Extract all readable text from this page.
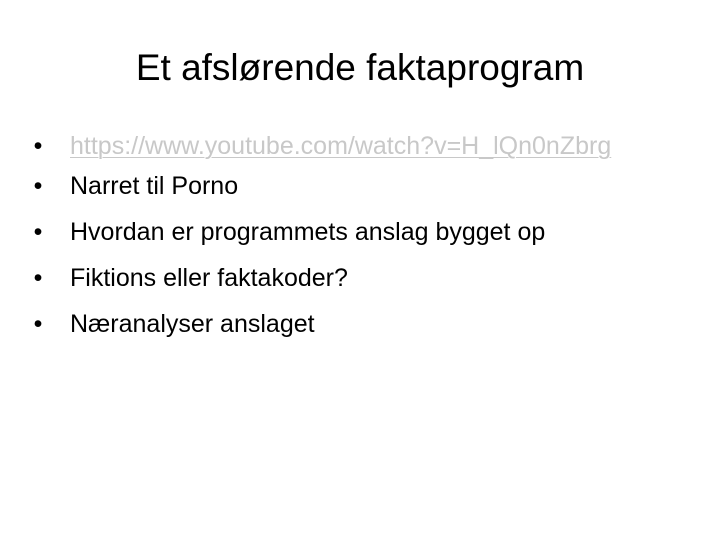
Et afslørende faktaprogram
• https://www.youtube.com/watch?v=H_lQn0nZbrg
• Narret til Porno
• Hvordan er programmets anslag bygget op
• Fiktions eller faktakoder?
• Næranalyser anslaget
